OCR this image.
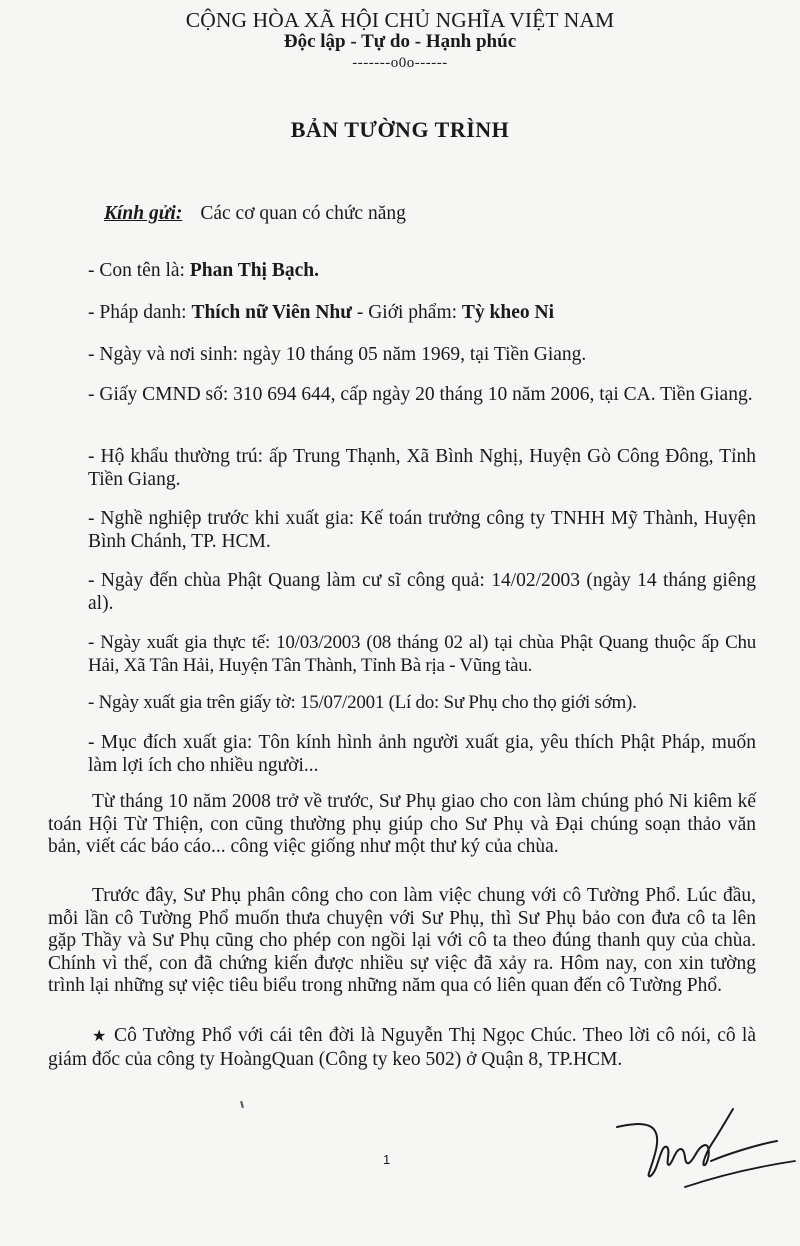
CỘNG HÒA XÃ HỘI CHỦ NGHĨA VIỆT NAM
Độc lập - Tự do - Hạnh phúc
-------o0o------
BẢN TƯỜNG TRÌNH
Kính gửi: Các cơ quan có chức năng
- Con tên là: Phan Thị Bạch.
- Pháp danh: Thích nữ Viên Như - Giới phẩm: Tỳ kheo Ni
- Ngày và nơi sinh: ngày 10 tháng 05 năm 1969, tại Tiền Giang.
- Giấy CMND số: 310 694 644, cấp ngày 20 tháng 10 năm 2006, tại CA. Tiền Giang.
- Hộ khẩu thường trú: ấp Trung Thạnh, Xã Bình Nghị, Huyện Gò Công Đông, Tỉnh Tiền Giang.
- Nghề nghiệp trước khi xuất gia: Kế toán trưởng công ty TNHH Mỹ Thành, Huyện Bình Chánh, TP. HCM.
- Ngày đến chùa Phật Quang làm cư sĩ công quả: 14/02/2003 (ngày 14 tháng giêng al).
- Ngày xuất gia thực tế: 10/03/2003 (08 tháng 02 al) tại chùa Phật Quang thuộc ấp Chu Hải, Xã Tân Hải, Huyện Tân Thành, Tỉnh Bà rịa - Vũng tàu.
- Ngày xuất gia trên giấy tờ: 15/07/2001 (Lí do: Sư Phụ cho thọ giới sớm).
- Mục đích xuất gia: Tôn kính hình ảnh người xuất gia, yêu thích Phật Pháp, muốn làm lợi ích cho nhiều người...
Từ tháng 10 năm 2008 trở về trước, Sư Phụ giao cho con làm chúng phó Ni kiêm kế toán Hội Từ Thiện, con cũng thường phụ giúp cho Sư Phụ và Đại chúng soạn thảo văn bản, viết các báo cáo... công việc giống như một thư ký của chùa.
Trước đây, Sư Phụ phân công cho con làm việc chung với cô Tường Phổ. Lúc đầu, mỗi lần cô Tường Phổ muốn thưa chuyện với Sư Phụ, thì Sư Phụ bảo con đưa cô ta lên gặp Thầy và Sư Phụ cũng cho phép con ngồi lại với cô ta theo đúng thanh quy của chùa. Chính vì thế, con đã chứng kiến được nhiều sự việc đã xảy ra. Hôm nay, con xin tường trình lại những sự việc tiêu biểu trong những năm qua có liên quan đến cô Tường Phổ.
★ Cô Tường Phổ với cái tên đời là Nguyễn Thị Ngọc Chúc. Theo lời cô nói, cô là giám đốc của công ty HoàngQuan (Công ty keo 502) ở Quận 8, TP.HCM.
1
